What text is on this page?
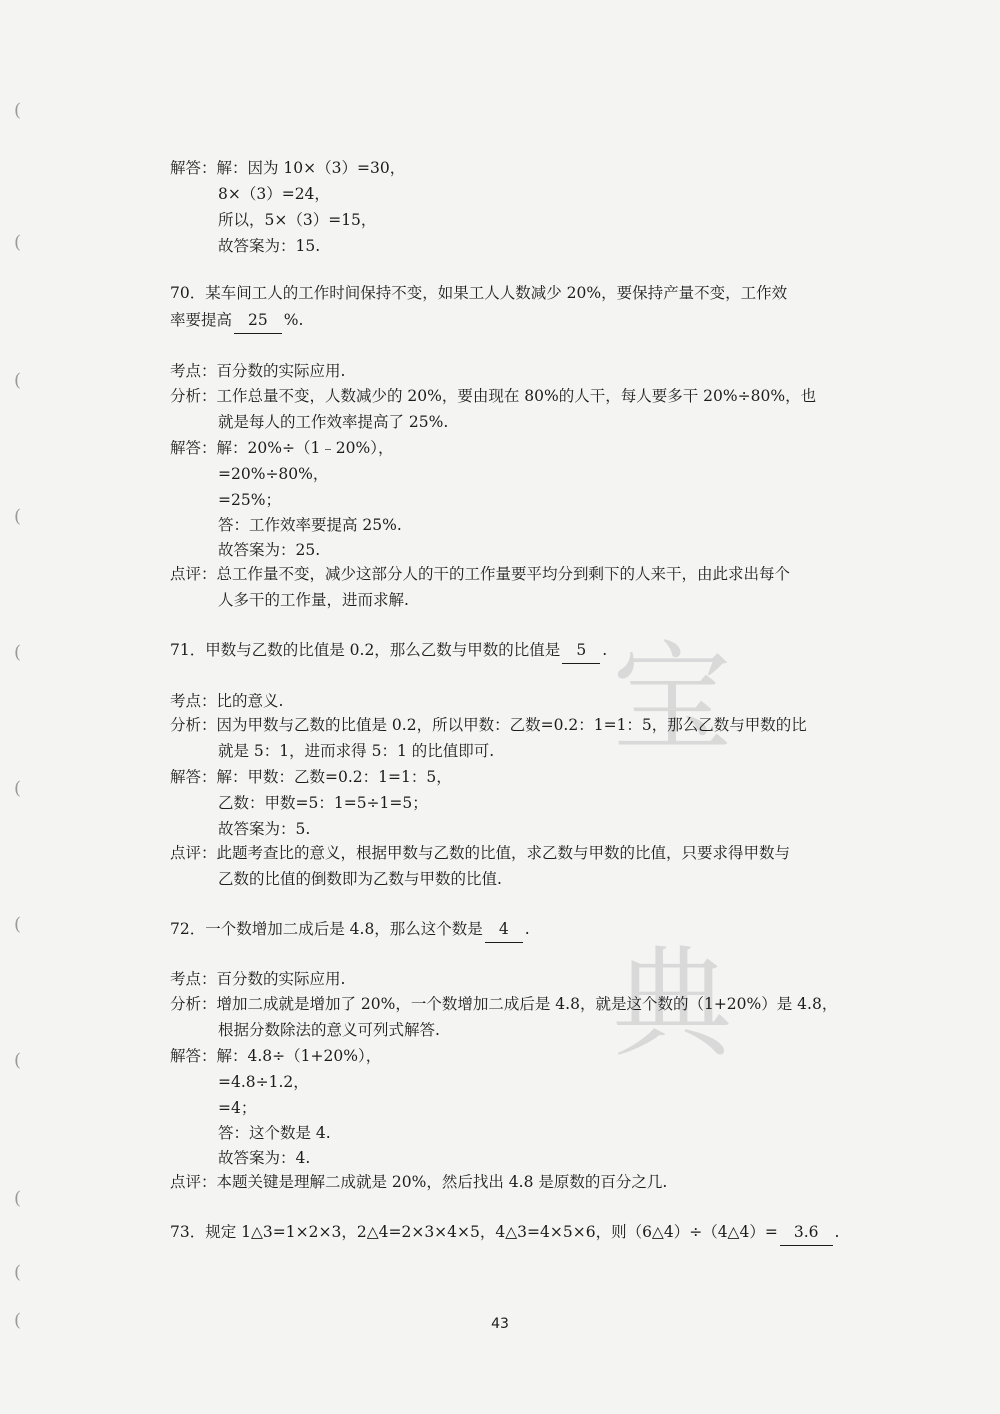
(
(
(
(
(
(
(
(
(
(
(
宝
典
解答：解：因为 10×（3）=30，
8×（3）=24，
所以，5×（3）=15，
故答案为：15.
70．某车间工人的工作时间保持不变，如果工人人数减少 20%，要保持产量不变，工作效
率要提高 25 %.
考点：百分数的实际应用.
分析：工作总量不变，人数减少的 20%，要由现在 80%的人干，每人要多干 20%÷80%，也
就是每人的工作效率提高了 25%.
解答：解：20%÷（1﹣20%），
=20%÷80%，
=25%；
答：工作效率要提高 25%.
故答案为：25.
点评：总工作量不变，减少这部分人的干的工作量要平均分到剩下的人来干，由此求出每个
人多干的工作量，进而求解.
71．甲数与乙数的比值是 0.2，那么乙数与甲数的比值是 5 .
考点：比的意义.
分析：因为甲数与乙数的比值是 0.2，所以甲数：乙数=0.2：1=1：5，那么乙数与甲数的比
就是 5：1，进而求得 5：1 的比值即可.
解答：解：甲数：乙数=0.2：1=1：5，
乙数：甲数=5：1=5÷1=5；
故答案为：5.
点评：此题考查比的意义，根据甲数与乙数的比值，求乙数与甲数的比值，只要求得甲数与
乙数的比值的倒数即为乙数与甲数的比值.
72．一个数增加二成后是 4.8，那么这个数是 4 .
考点：百分数的实际应用.
分析：增加二成就是增加了 20%，一个数增加二成后是 4.8，就是这个数的（1+20%）是 4.8，
根据分数除法的意义可列式解答.
解答：解：4.8÷（1+20%），
=4.8÷1.2，
=4；
答：这个数是 4.
故答案为：4.
点评：本题关键是理解二成就是 20%，然后找出 4.8 是原数的百分之几.
73．规定 1△3=1×2×3，2△4=2×3×4×5，4△3=4×5×6，则（6△4）÷（4△4）= 3.6 .
43
